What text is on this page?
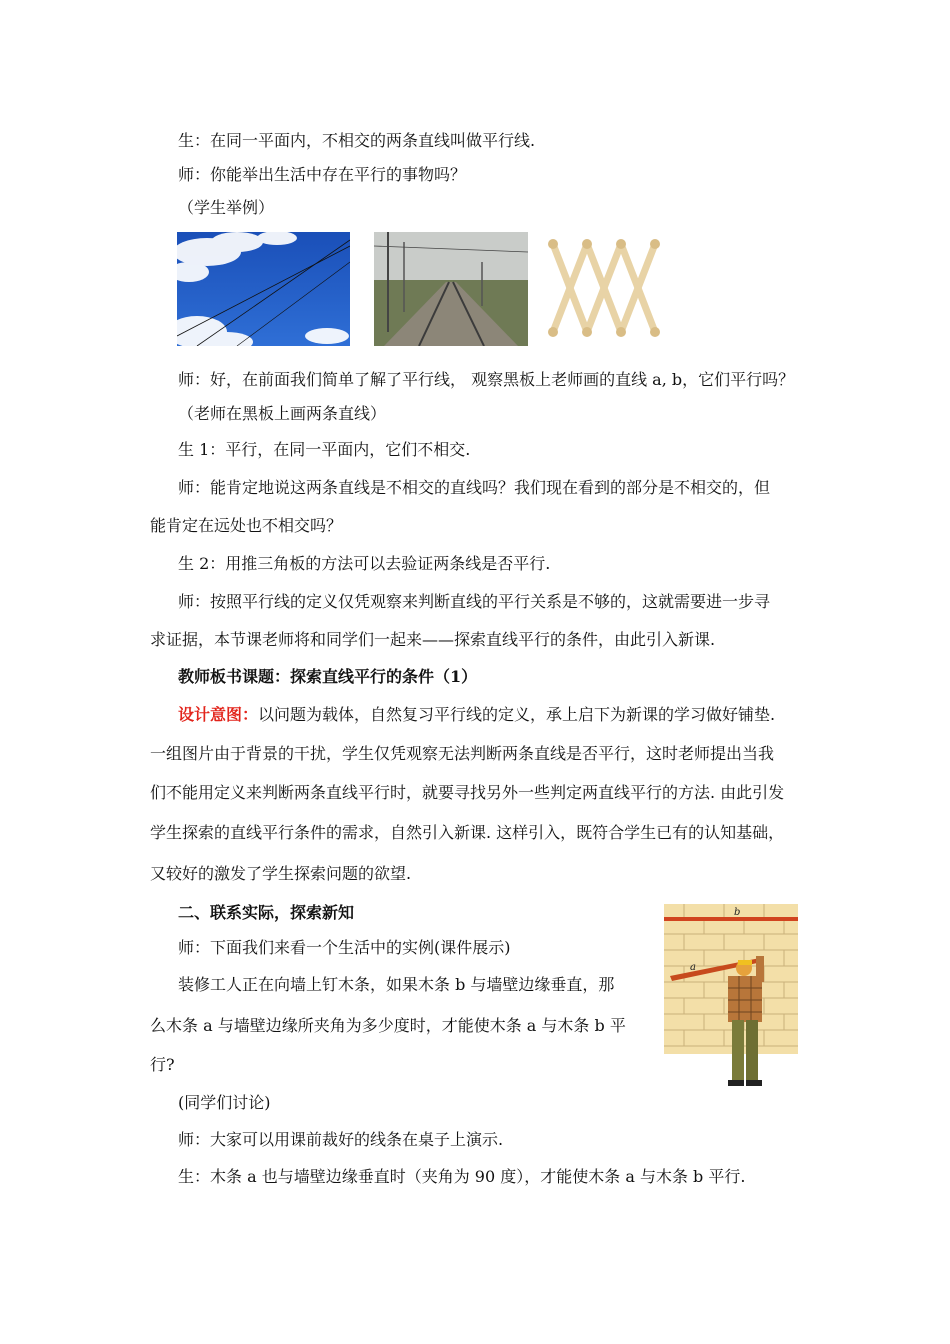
生：在同一平面内，不相交的两条直线叫做平行线.
师：你能举出生活中存在平行的事物吗？
（学生举例）
师：好，在前面我们简单了解了平行线， 观察黑板上老师画的直线 a, b，它们平行吗？
（老师在黑板上画两条直线）
生 1：平行，在同一平面内，它们不相交.
师：能肯定地说这两条直线是不相交的直线吗？我们现在看到的部分是不相交的，但
能肯定在远处也不相交吗？
生 2：用推三角板的方法可以去验证两条线是否平行.
师：按照平行线的定义仅凭观察来判断直线的平行关系是不够的，这就需要进一步寻
求证据，本节课老师将和同学们一起来——探索直线平行的条件，由此引入新课.
教师板书课题：探索直线平行的条件（1）
设计意图：以问题为载体，自然复习平行线的定义，承上启下为新课的学习做好铺垫.
一组图片由于背景的干扰，学生仅凭观察无法判断两条直线是否平行，这时老师提出当我
们不能用定义来判断两条直线平行时，就要寻找另外一些判定两直线平行的方法. 由此引发
学生探索的直线平行条件的需求，自然引入新课. 这样引入，既符合学生已有的认知基础，
又较好的激发了学生探索问题的欲望.
二、联系实际，探索新知
师：下面我们来看一个生活中的实例(课件展示)
装修工人正在向墙上钉木条，如果木条 b 与墙壁边缘垂直，那
么木条 a 与墙壁边缘所夹角为多少度时，才能使木条 a 与木条 b 平
行?
(同学们讨论)
师：大家可以用课前裁好的线条在桌子上演示.
生：木条 a 也与墙壁边缘垂直时（夹角为 90 度），才能使木条 a 与木条 b 平行.
b
a
